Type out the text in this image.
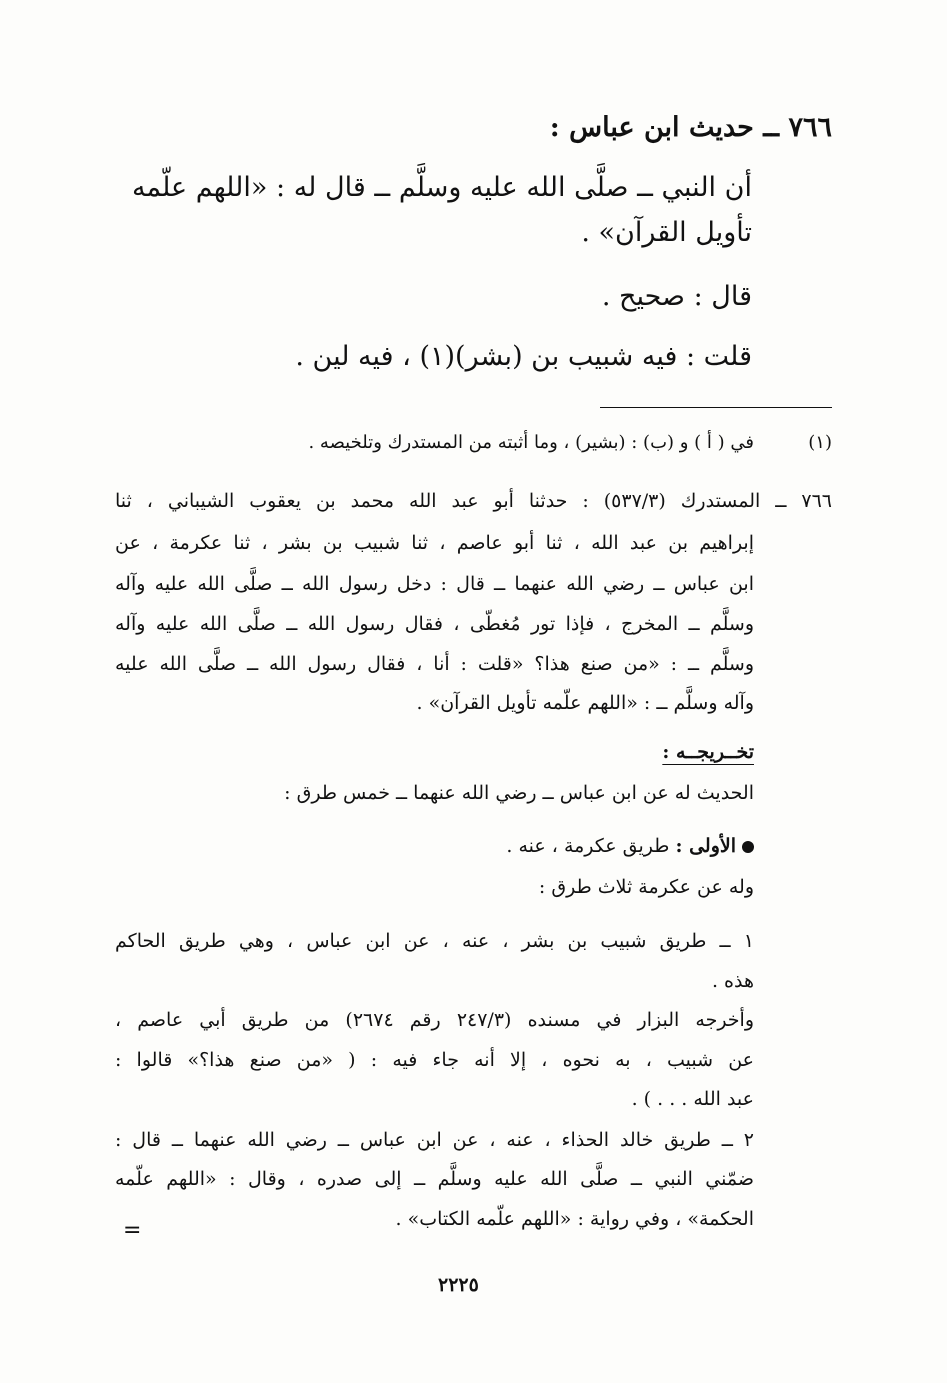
٧٦٦ ــ حديث ابن عباس :
أن النبي ــ صلَّى الله عليه وسلَّم ــ قال له : «اللهم علّمه
تأويل القرآن» .
قال : صحيح .
قلت : فيه شبيب بن (بشر)(١) ، فيه لين .
(١)
في ( أ ) و (ب) : (بشير) ، وما أثبته من المستدرك وتلخيصه .
٧٦٦ ــ المستدرك (٥٣٧/٣) : حدثنا أبو عبد الله محمد بن يعقوب الشيباني ، ثنا
إبراهيم بن عبد الله ، ثنا أبو عاصم ، ثنا شبيب بن بشر ، ثنا عكرمة ، عن
ابن عباس ــ رضي الله عنهما ــ قال : دخل رسول الله ــ صلَّى الله عليه وآله
وسلَّم ــ المخرج ، فإذا تور مُغطّى ، فقال رسول الله ــ صلَّى الله عليه وآله
وسلَّم ــ : «من صنع هذا؟ «قلت : أنا ، فقال رسول الله ــ صلَّى الله عليه
وآله وسلَّم ــ : «اللهم علّمه تأويل القرآن» .
تخــريجــه :
الحديث له عن ابن عباس ــ رضي الله عنهما ــ خمس طرق :
الأولى : طريق عكرمة ، عنه .
وله عن عكرمة ثلاث طرق :
١ ــ طريق شبيب بن بشر ، عنه ، عن ابن عباس ، وهي طريق الحاكم
هذه .
وأخرجه البزار في مسنده (٢٤٧/٣ رقم ٢٦٧٤) من طريق أبي عاصم ،
عن شبيب ، به نحوه ، إلا أنه جاء فيه : ( «من صنع هذا؟» قالوا :
عبد الله . . . ) .
٢ ــ طريق خالد الحذاء ، عنه ، عن ابن عباس ــ رضي الله عنهما ــ قال :
ضمّني النبي ــ صلَّى الله عليه وسلَّم ــ إلى صدره ، وقال : «اللهم علّمه
الحكمة» ، وفي رواية : «اللهم علّمه الكتاب» .
=
٢٢٢٥
